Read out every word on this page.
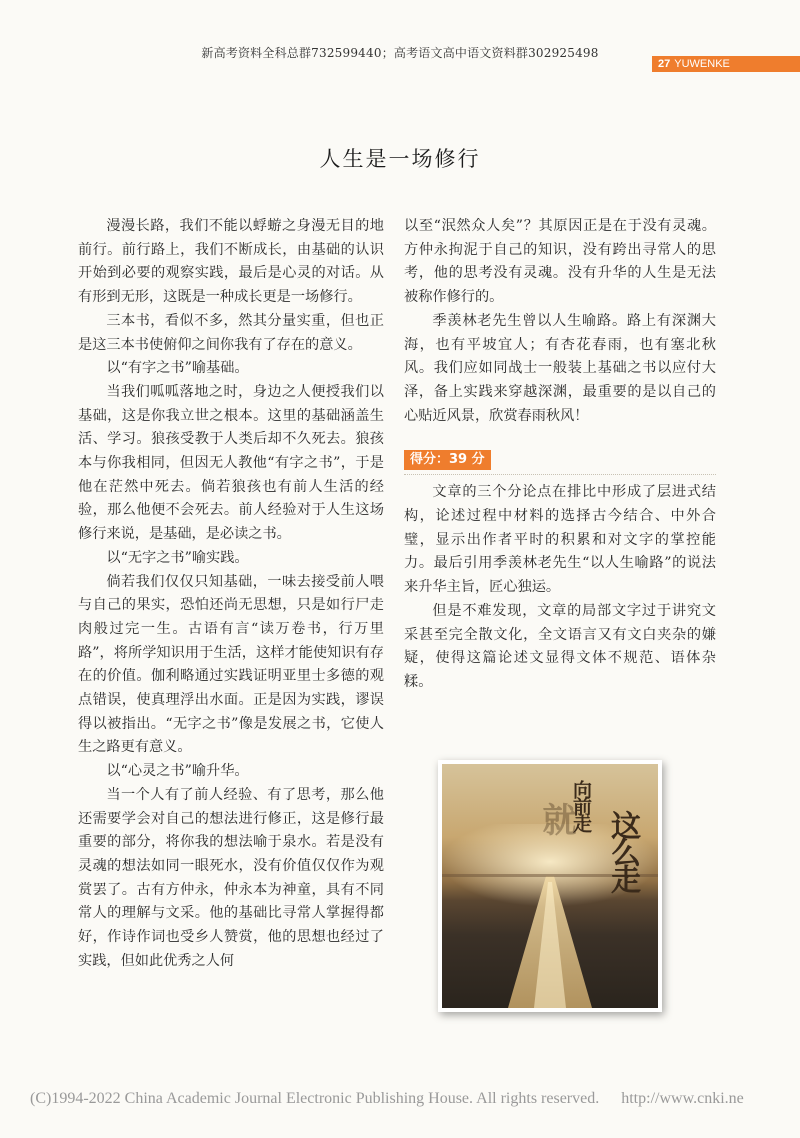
新高考资料全科总群732599440；高考语文高中语文资料群302925498
27 YUWENKE
人生是一场修行

漫漫长路，我们不能以蜉蝣之身漫无目的地前行。前行路上，我们不断成长，由基础的认识开始到必要的观察实践，最后是心灵的对话。从有形到无形，这既是一种成长更是一场修行。

三本书，看似不多，然其分量实重，但也正是这三本书使俯仰之间你我有了存在的意义。

以“有字之书”喻基础。

当我们呱呱落地之时，身边之人便授我们以基础，这是你我立世之根本。这里的基础涵盖生活、学习。狼孩受教于人类后却不久死去。狼孩本与你我相同，但因无人教他“有字之书”，于是他在茫然中死去。倘若狼孩也有前人生活的经验，那么他便不会死去。前人经验对于人生这场修行来说，是基础，是必读之书。

以“无字之书”喻实践。

倘若我们仅仅只知基础，一味去接受前人喂与自己的果实，恐怕还尚无思想，只是如行尸走肉般过完一生。古语有言“读万卷书，行万里路”，将所学知识用于生活，这样才能使知识有存在的价值。伽利略通过实践证明亚里士多德的观点错误，使真理浮出水面。正是因为实践，谬误得以被指出。“无字之书”像是发展之书，它使人生之路更有意义。

以“心灵之书”喻升华。

当一个人有了前人经验、有了思考，那么他还需要学会对自己的想法进行修正，这是修行最重要的部分，将你我的想法喻于泉水。若是没有灵魂的想法如同一眼死水，没有价值仅仅作为观赏罢了。古有方仲永，仲永本为神童，具有不同常人的理解与文采。他的基础比寻常人掌握得都好，作诗作词也受乡人赞赏，他的思想也经过了实践，但如此优秀之人何

以至“泯然众人矣”？其原因正是在于没有灵魂。方仲永拘泥于自己的知识，没有跨出寻常人的思考，他的思考没有灵魂。没有升华的人生是无法被称作修行的。

季羡林老先生曾以人生喻路。路上有深渊大海，也有平坡宜人；有杏花春雨，也有塞北秋风。我们应如同战士一般装上基础之书以应付大泽，备上实践来穿越深渊，最重要的是以自己的心贴近风景，欣赏春雨秋风！

得分：39 分

文章的三个分论点在排比中形成了层进式结构，论述过程中材料的选择古今结合、中外合璧，显示出作者平时的积累和对文字的掌控能力。最后引用季羡林老先生“以人生喻路”的说法来升华主旨，匠心独运。

但是不难发现，文章的局部文字过于讲究文采甚至完全散文化，全文语言又有文白夹杂的嫌疑，使得这篇论述文显得文体不规范、语体杂糅。

就
向前走
这么走
(C)1994-2022 China Academic Journal Electronic Publishing House. All rights reserved. http://www.cnki.ne
